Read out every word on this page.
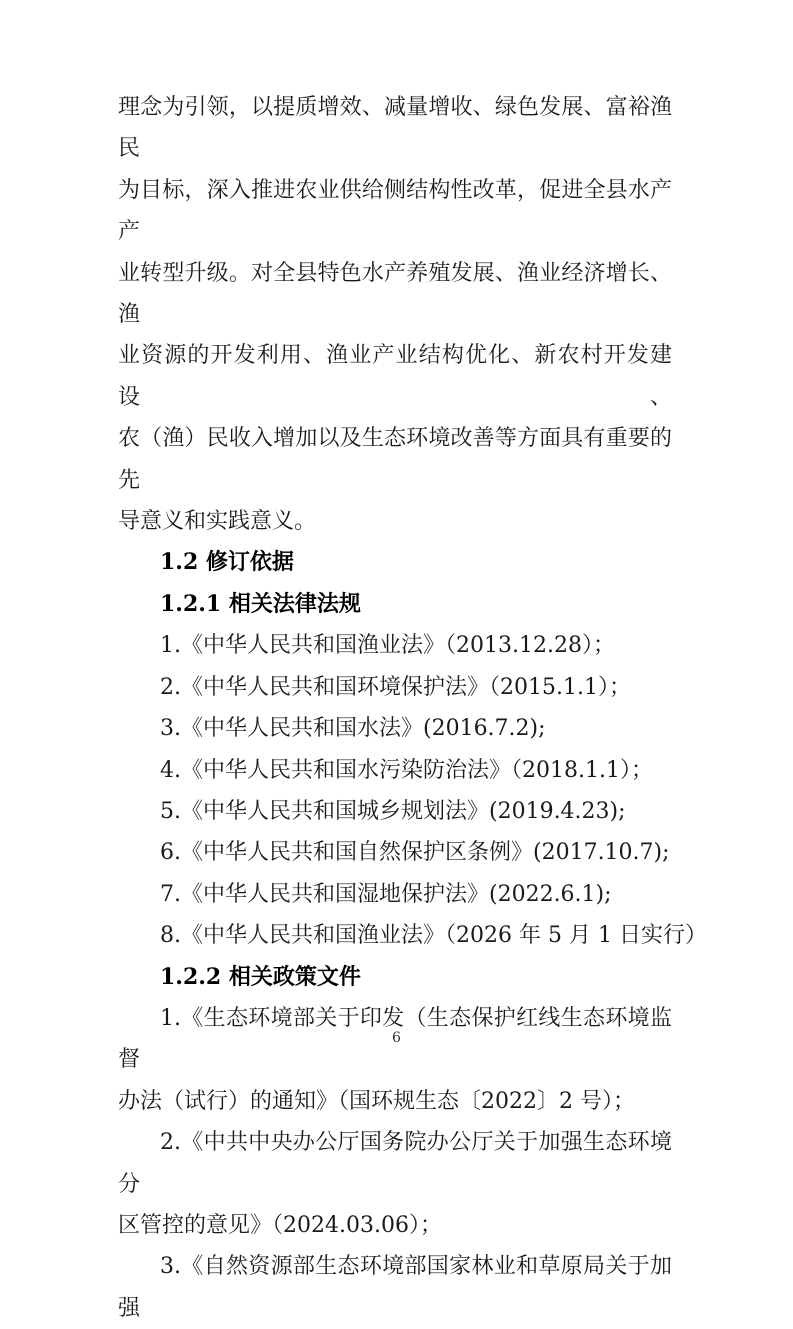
理念为引领，以提质增效、减量增收、绿色发展、富裕渔民
为目标，深入推进农业供给侧结构性改革，促进全县水产产
业转型升级。对全县特色水产养殖发展、渔业经济增长、渔
业资源的开发利用、渔业产业结构优化、新农村开发建设、
农（渔）民收入增加以及生态环境改善等方面具有重要的先
导意义和实践意义。
1.2 修订依据
1.2.1 相关法律法规
1.《中华人民共和国渔业法》（2013.12.28）；
2.《中华人民共和国环境保护法》（2015.1.1）；
3.《中华人民共和国水法》(2016.7.2);
4.《中华人民共和国水污染防治法》（2018.1.1）；
5.《中华人民共和国城乡规划法》(2019.4.23);
6.《中华人民共和国自然保护区条例》(2017.10.7);
7.《中华人民共和国湿地保护法》(2022.6.1);
8.《中华人民共和国渔业法》（2026 年 5 月 1 日实行）
1.2.2 相关政策文件
1.《生态环境部关于印发（生态保护红线生态环境监督
办法（试行）的通知》（国环规生态〔2022〕2 号）；
2.《中共中央办公厅国务院办公厅关于加强生态环境分
区管控的意见》（2024.03.06）；
3.《自然资源部生态环境部国家林业和草原局关于加强
6
